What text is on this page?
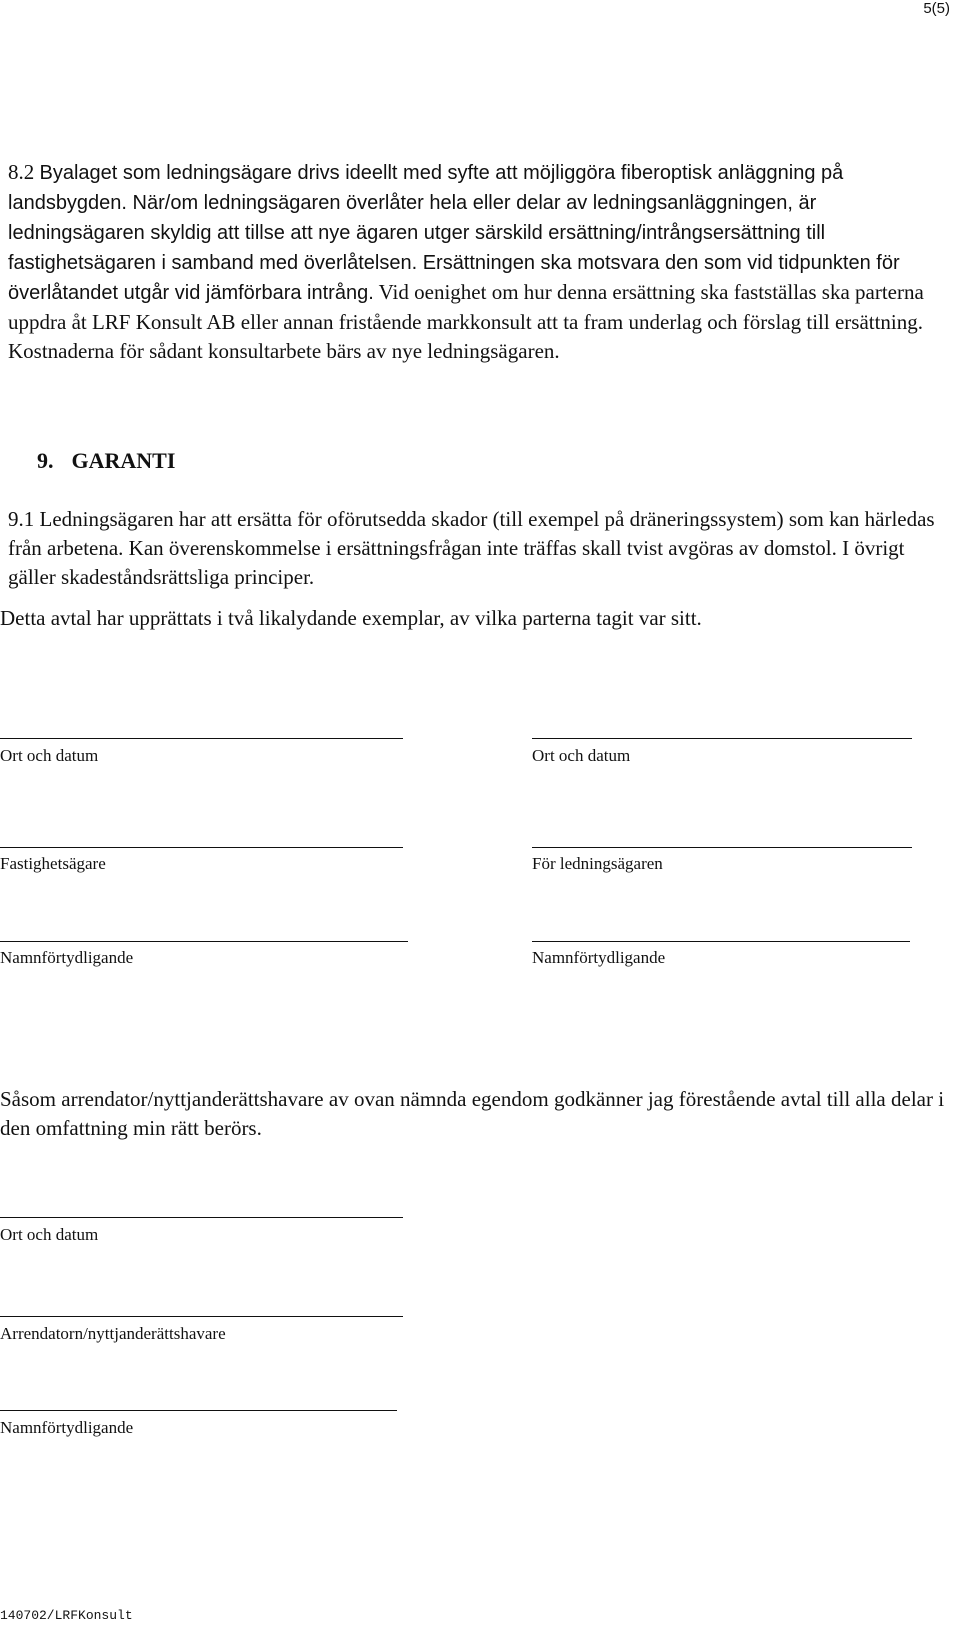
5(5)
8.2 Byalaget som ledningsägare drivs ideellt med syfte att möjliggöra fiberoptisk anläggning på landsbygden. När/om ledningsägaren överlåter hela eller delar av ledningsanläggningen, är ledningsägaren skyldig att tillse att nye ägaren utger särskild ersättning/intrångsersättning till fastighetsägaren i samband med överlåtelsen. Ersättningen ska motsvara den som vid tidpunkten för överlåtandet utgår vid jämförbara intrång. Vid oenighet om hur denna ersättning ska fastställas ska parterna uppdra åt LRF Konsult AB eller annan fristående markkonsult att ta fram underlag och förslag till ersättning. Kostnaderna för sådant konsultarbete bärs av nye ledningsägaren.
9. GARANTI
9.1 Ledningsägaren har att ersätta för oförutsedda skador (till exempel på dräneringssystem) som kan härledas från arbetena. Kan överenskommelse i ersättningsfrågan inte träffas skall tvist avgöras av domstol. I övrigt gäller skadeståndsrättsliga principer.
Detta avtal har upprättats i två likalydande exemplar, av vilka parterna tagit var sitt.
Ort och datum
Fastighetsägare
Namnförtydligande
Ort och datum
För ledningsägaren
Namnförtydligande
Såsom arrendator/nyttjanderättshavare av ovan nämnda egendom godkänner jag förestående avtal till alla delar i den omfattning min rätt berörs.
Ort och datum
Arrendatorn/nyttjanderättshavare
Namnförtydligande
140702/LRFKonsult
